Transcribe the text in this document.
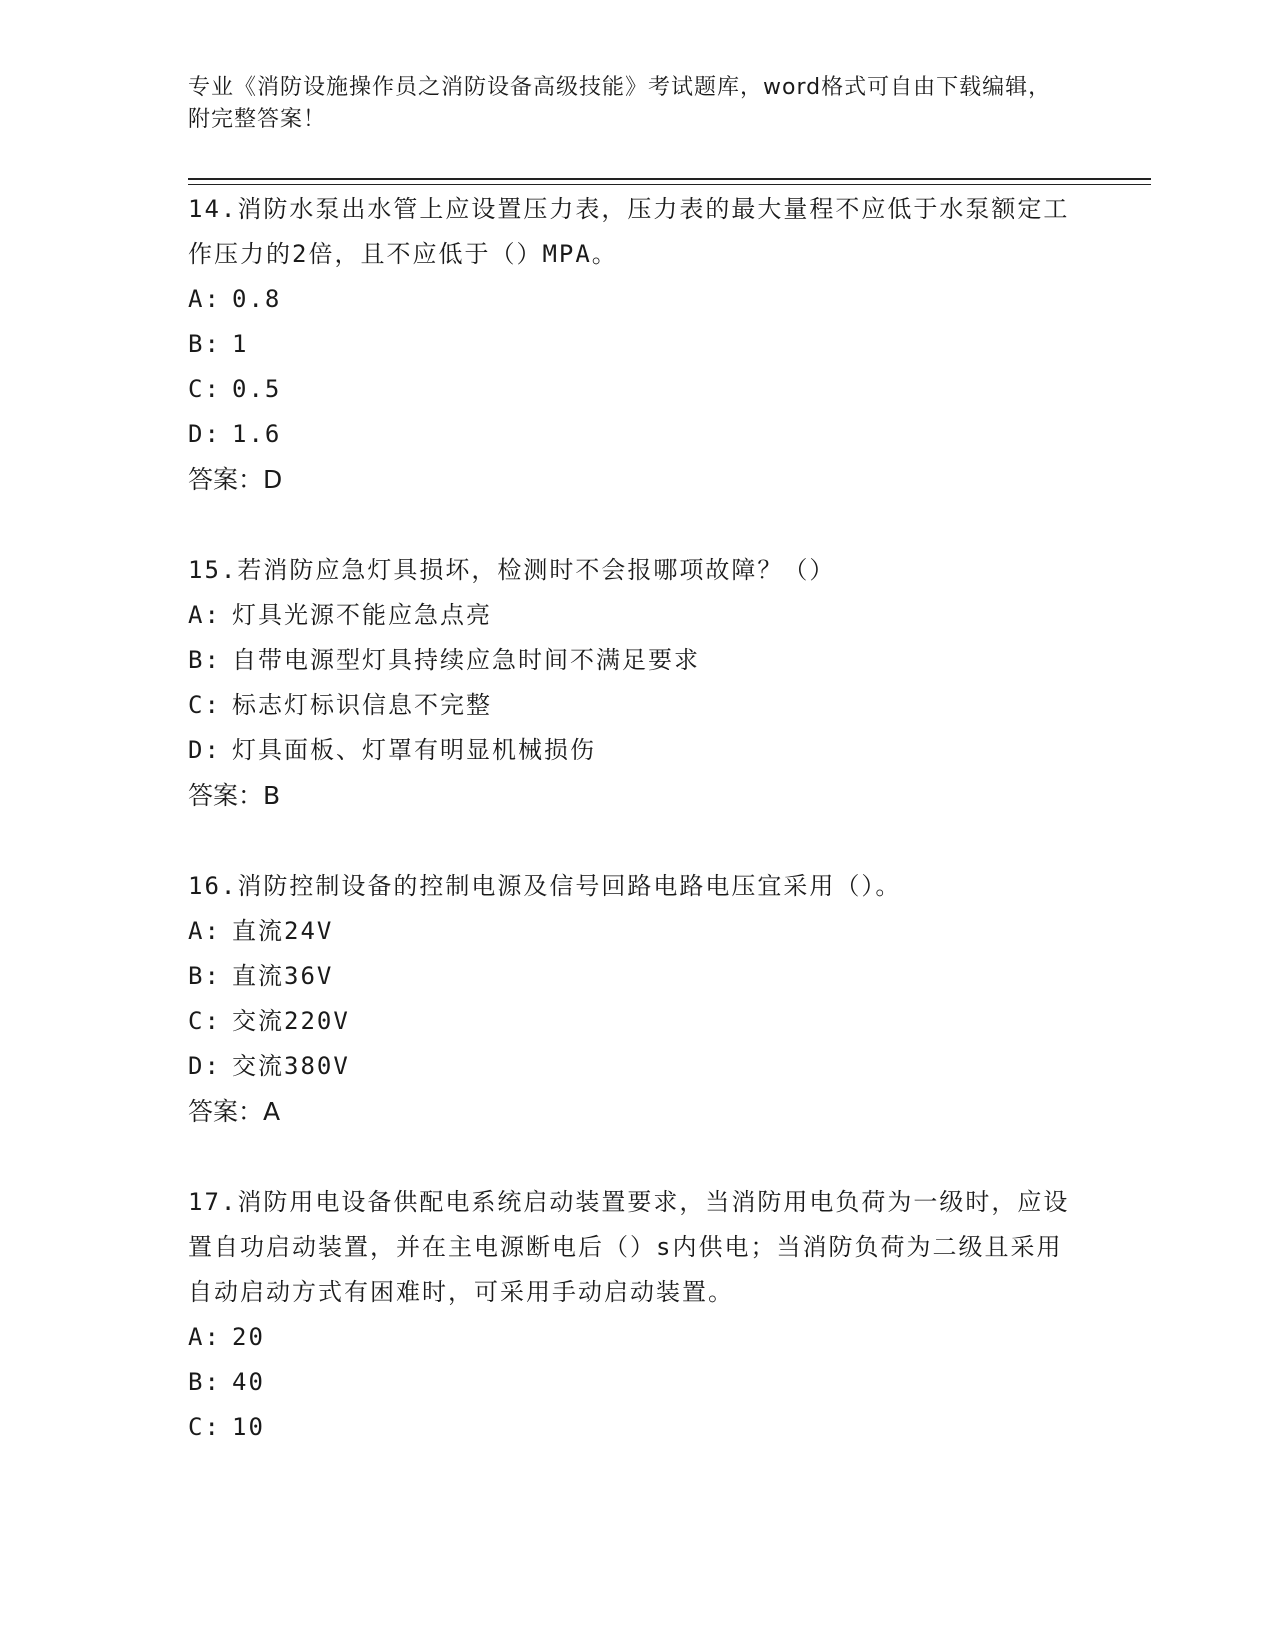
专业《消防设施操作员之消防设备高级技能》考试题库，word格式可自由下载编辑，附完整答案！

14.消防水泵出水管上应设置压力表，压力表的最大量程不应低于水泵额定工作压力的2倍，且不应低于（）MPA。

A: 0.8
B: 1
C: 0.5
D: 1.6
答案：D

15.若消防应急灯具损坏，检测时不会报哪项故障？（）

A: 灯具光源不能应急点亮
B: 自带电源型灯具持续应急时间不满足要求
C: 标志灯标识信息不完整
D: 灯具面板、灯罩有明显机械损伤
答案：B

16.消防控制设备的控制电源及信号回路电路电压宜采用（）。

A: 直流24V
B: 直流36V
C: 交流220V
D: 交流380V
答案：A

17.消防用电设备供配电系统启动装置要求，当消防用电负荷为一级时，应设置自功启动装置，并在主电源断电后（）s内供电；当消防负荷为二级且采用自动启动方式有困难时，可采用手动启动装置。

A: 20
B: 40
C: 10
